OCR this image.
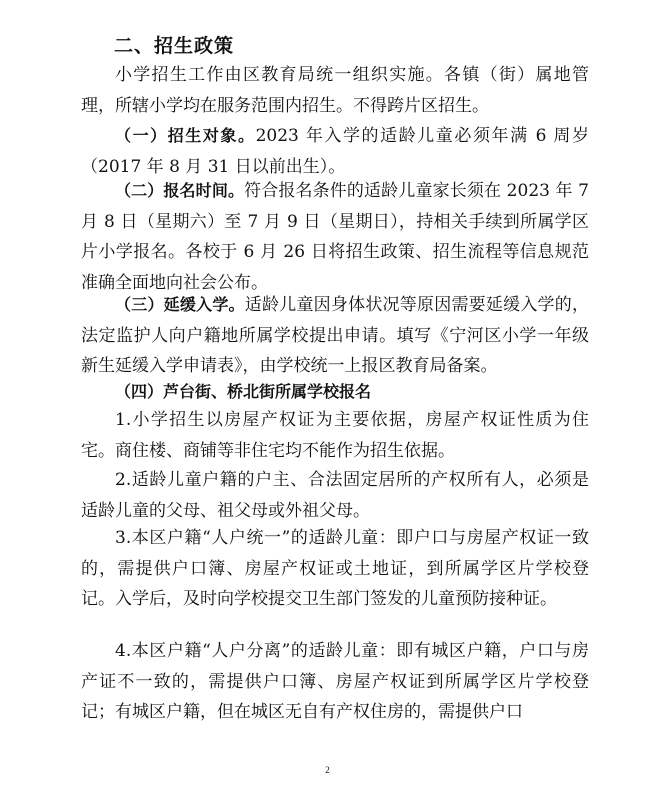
二、招生政策

小学招生工作由区教育局统一组织实施。各镇（街）属地管理，所辖小学均在服务范围内招生。不得跨片区招生。

（一）招生对象。2023 年入学的适龄儿童必须年满 6 周岁（2017 年 8 月 31 日以前出生）。

（二）报名时间。符合报名条件的适龄儿童家长须在 2023 年 7 月 8 日（星期六）至 7 月 9 日（星期日），持相关手续到所属学区片小学报名。各校于 6 月 26 日将招生政策、招生流程等信息规范准确全面地向社会公布。

（三）延缓入学。适龄儿童因身体状况等原因需要延缓入学的，法定监护人向户籍地所属学校提出申请。填写《宁河区小学一年级新生延缓入学申请表》，由学校统一上报区教育局备案。

（四）芦台街、桥北街所属学校报名

1.小学招生以房屋产权证为主要依据，房屋产权证性质为住宅。商住楼、商铺等非住宅均不能作为招生依据。

2.适龄儿童户籍的户主、合法固定居所的产权所有人，必须是适龄儿童的父母、祖父母或外祖父母。

3.本区户籍“人户统一”的适龄儿童：即户口与房屋产权证一致的，需提供户口簿、房屋产权证或土地证，到所属学区片学校登记。入学后，及时向学校提交卫生部门签发的儿童预防接种证。

4.本区户籍“人户分离”的适龄儿童：即有城区户籍，户口与房产证不一致的，需提供户口簿、房屋产权证到所属学区片学校登记；有城区户籍，但在城区无自有产权住房的，需提供户口

2
